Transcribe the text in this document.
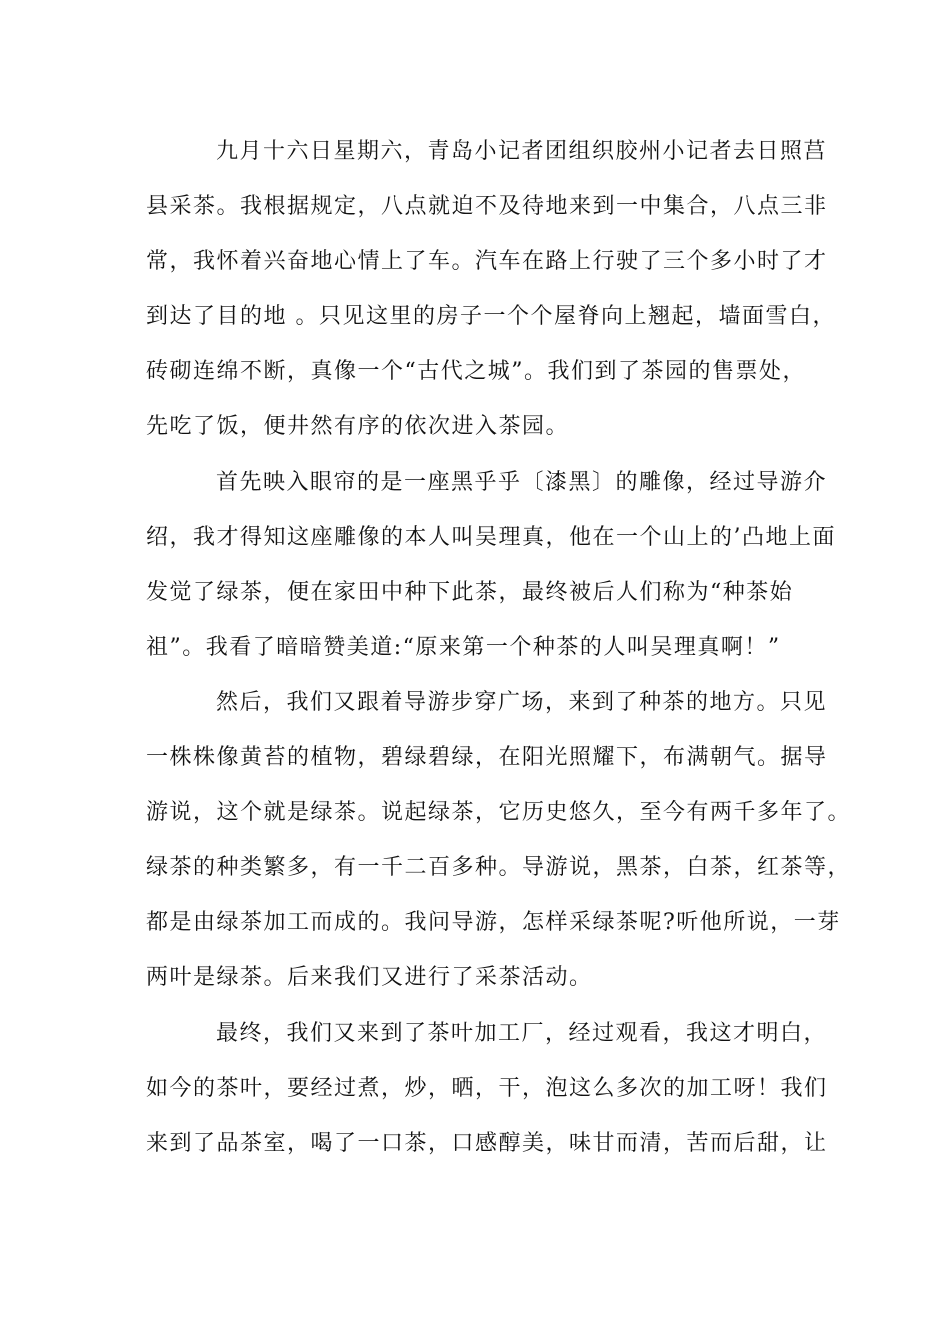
九月十六日星期六，青岛小记者团组织胶州小记者去日照莒
县采茶。我根据规定，八点就迫不及待地来到一中集合，八点三非
常，我怀着兴奋地心情上了车。汽车在路上行驶了三个多小时了才
到达了目的地 。只见这里的房子一个个屋脊向上翘起，墙面雪白，
砖砌连绵不断，真像一个“古代之城”。我们到了茶园的售票处，
先吃了饭，便井然有序的依次进入茶园。
首先映入眼帘的是一座黑乎乎〔漆黑〕的雕像，经过导游介
绍，我才得知这座雕像的本人叫吴理真，他在一个山上的’凸地上面
发觉了绿茶，便在家田中种下此茶，最终被后人们称为“种茶始
祖”。我看了暗暗赞美道:“原来第一个种茶的人叫吴理真啊！”
然后，我们又跟着导游步穿广场，来到了种茶的地方。只见
一株株像黄苔的植物，碧绿碧绿，在阳光照耀下，布满朝气。据导
游说，这个就是绿茶。说起绿茶，它历史悠久，至今有两千多年了。
绿茶的种类繁多，有一千二百多种。导游说，黑茶，白茶，红茶等，
都是由绿茶加工而成的。我问导游，怎样采绿茶呢?听他所说，一芽
两叶是绿茶。后来我们又进行了采茶活动。
最终，我们又来到了茶叶加工厂，经过观看，我这才明白，
如今的茶叶，要经过煮，炒，晒，干，泡这么多次的加工呀！我们
来到了品茶室，喝了一口茶，口感醇美，味甘而清，苦而后甜，让
